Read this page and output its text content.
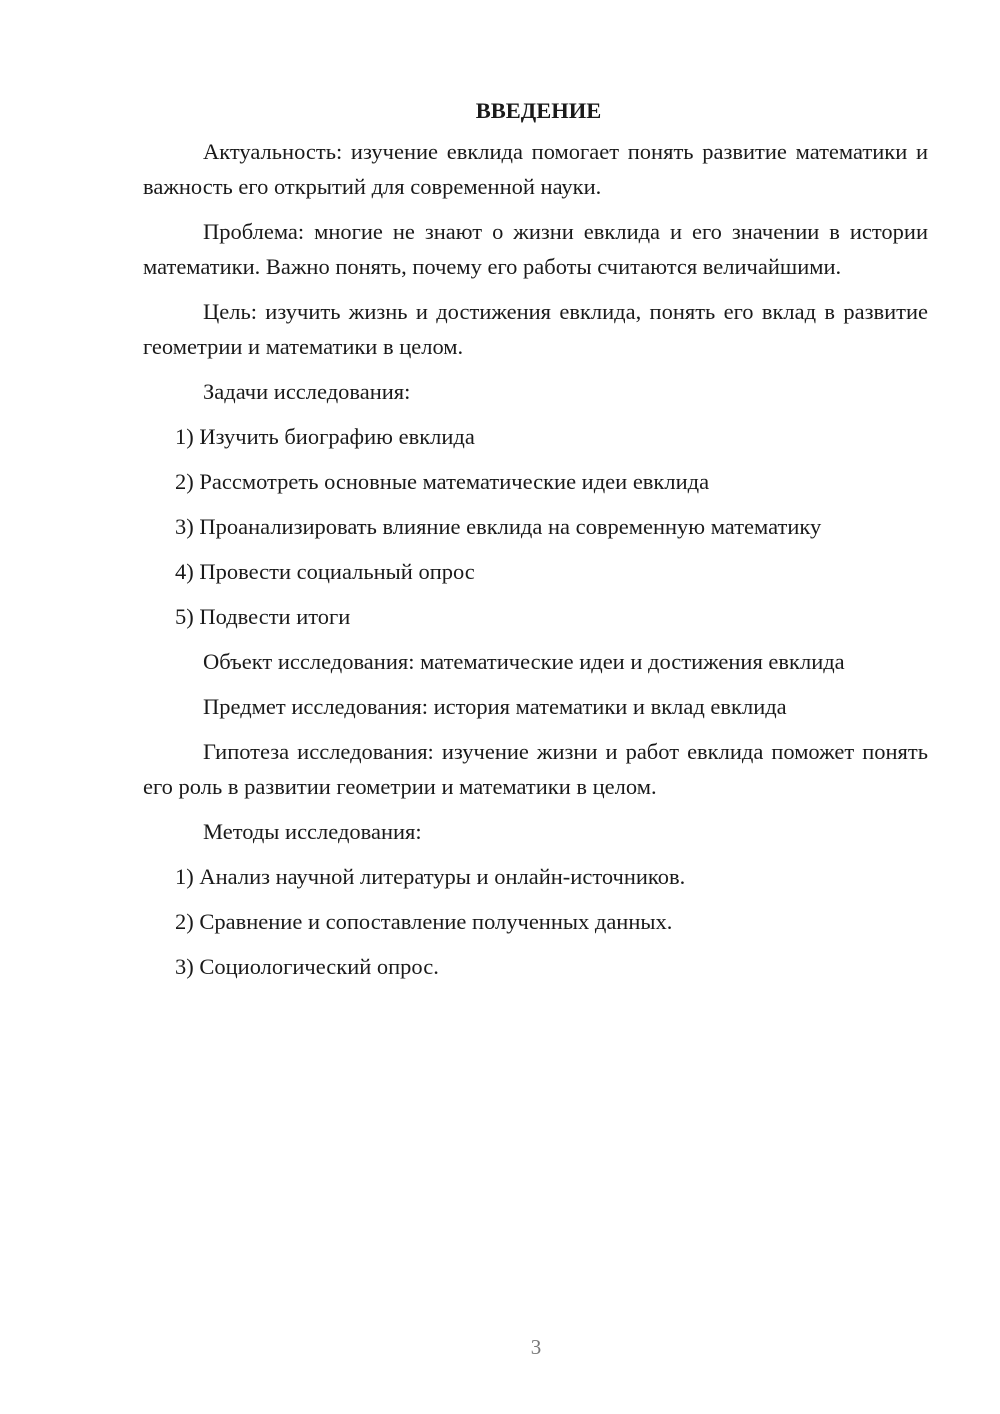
ВВЕДЕНИЕ

Актуальность: изучение евклида помогает понять развитие математики и важность его открытий для современной науки.

Проблема: многие не знают о жизни евклида и его значении в истории математики. Важно понять, почему его работы считаются величайшими.

Цель: изучить жизнь и достижения евклида, понять его вклад в развитие геометрии и математики в целом.

Задачи исследования:

1) Изучить биографию евклида

2) Рассмотреть основные математические идеи евклида

3) Проанализировать влияние евклида на современную математику

4) Провести социальный опрос

5) Подвести итоги

Объект исследования: математические идеи и достижения евклида

Предмет исследования: история математики и вклад евклида

Гипотеза исследования: изучение жизни и работ евклида поможет понять его роль в развитии геометрии и математики в целом.

Методы исследования:

1) Анализ научной литературы и онлайн-источников.

2) Сравнение и сопоставление полученных данных.

3) Социологический опрос.

3
